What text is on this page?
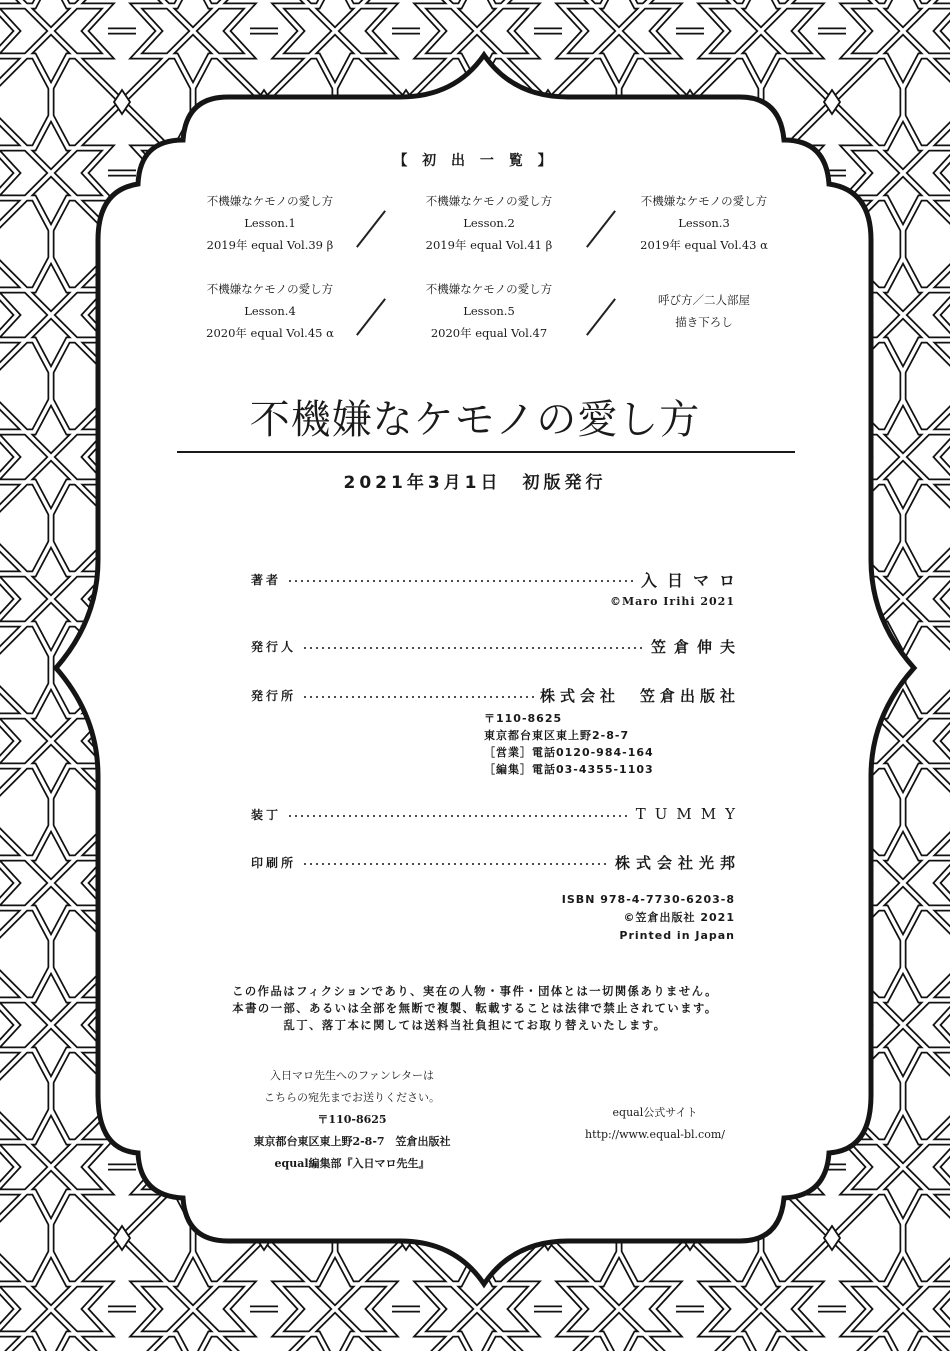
【 初 出 一 覧 】
不機嫌なケモノの愛し方
Lesson.1
2019年 equal Vol.39 β
不機嫌なケモノの愛し方
Lesson.2
2019年 equal Vol.41 β
不機嫌なケモノの愛し方
Lesson.3
2019年 equal Vol.43 α
不機嫌なケモノの愛し方
Lesson.4
2020年 equal Vol.45 α
不機嫌なケモノの愛し方
Lesson.5
2020年 equal Vol.47
呼び方／二人部屋
描き下ろし
不機嫌なケモノの愛し方
2021年3月1日　初版発行
著者	入日マロ
©Maro Irihi 2021
発行人	笠倉伸夫
発行所	株式会社　笠倉出版社
〒110-8625
東京都台東区東上野2-8-7
［営業］電話0120-984-164
［編集］電話03-4355-1103
装丁	TUMMY
印刷所	株式会社光邦
ISBN 978-4-7730-6203-8
©笠倉出版社 2021
Printed in Japan
この作品はフィクションであり、実在の人物・事件・団体とは一切関係ありません。
本書の一部、あるいは全部を無断で複製、転載することは法律で禁止されています。
乱丁、落丁本に関しては送料当社負担にてお取り替えいたします。
入日マロ先生へのファンレターは
こちらの宛先までお送りください。
〒110-8625
東京都台東区東上野2-8-7　笠倉出版社
equal編集部『入日マロ先生』
equal公式サイト
http://www.equal-bl.com/
